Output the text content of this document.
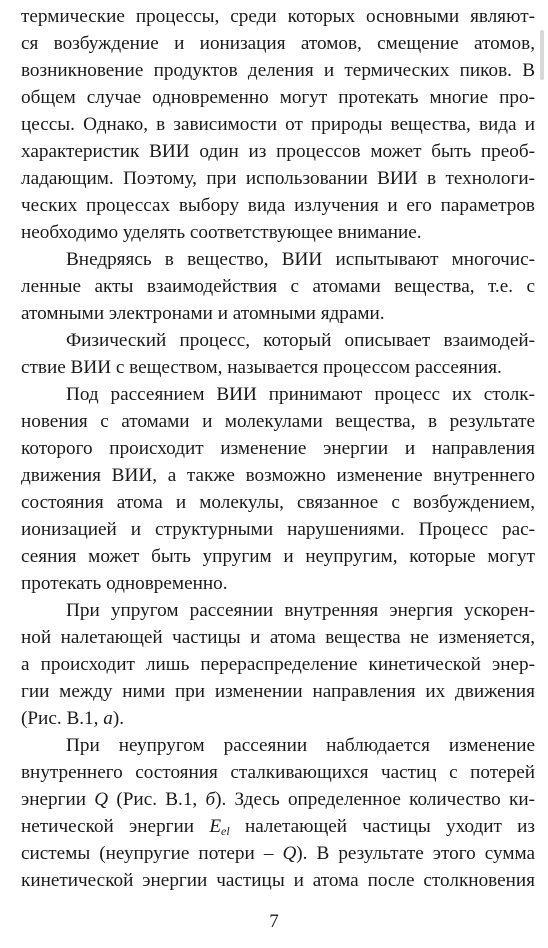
термические процессы, среди которых основными являют-
ся возбуждение и ионизация атомов, смещение атомов,
возникновение продуктов деления и термических пиков. В
общем случае одновременно могут протекать многие про-
цессы. Однако, в зависимости от природы вещества, вида и
характеристик ВИИ один из процессов может быть преоб-
ладающим. Поэтому, при использовании ВИИ в технологи-
ческих процессах выбору вида излучения и его параметров
необходимо уделять соответствующее внимание.
Внедряясь в вещество, ВИИ испытывают многочис-
ленные акты взаимодействия с атомами вещества, т.е. с
атомными электронами и атомными ядрами.
Физический процесс, который описывает взаимодей-
ствие ВИИ с веществом, называется процессом рассеяния.
Под рассеянием ВИИ принимают процесс их столк-
новения с атомами и молекулами вещества, в результате
которого происходит изменение энергии и направления
движения ВИИ, а также возможно изменение внутреннего
состояния атома и молекулы, связанное с возбуждением,
ионизацией и структурными нарушениями. Процесс рас-
сеяния может быть упругим и неупругим, которые могут
протекать одновременно.
При упругом рассеянии внутренняя энергия ускорен-
ной налетающей частицы и атома вещества не изменяется,
а происходит лишь перераспределение кинетической энер-
гии между ними при изменении направления их движения
(Рис. В.1, а).
При неупругом рассеянии наблюдается изменение
внутреннего состояния сталкивающихся частиц с потерей
энергии Q (Рис. В.1, б). Здесь определенное количество ки-
нетической энергии $E_{el}$ налетающей частицы уходит из
системы (неупругие потери – Q). В результате этого сумма
кинетической энергии частицы и атома после столкновения
7
